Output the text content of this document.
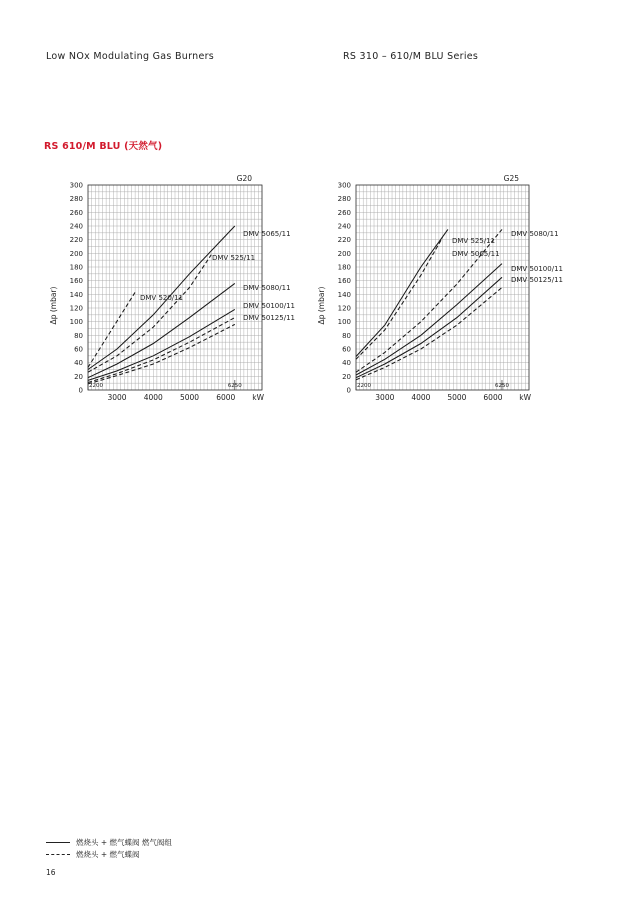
Low NOx Modulating Gas Burners	RS 310 – 610/M BLU Series
RS 610/M BLU (天然气)
0
20
40
60
80
100
120
140
160
180
200
220
240
260
280
300
3000 4000 5000 6000 kW
Δp (mbar)
G20
2200	6250
DMV 520/11
DMV 5065/11
DMV 525/11
DMV 5080/11
DMV 50100/11
DMV 50125/11
0
20
40
60
80
100
120
140
160
180
200
220
240
260
280
300
3000 4000 5000 6000 kW
Δp (mbar)
G25
2200	6250
DMV 525/11
DMV 5065/11
DMV 5080/11
DMV 50100/11
DMV 50125/11
燃烧头 + 燃气蝶阀 燃气阀组
燃烧头 + 燃气蝶阀
16
